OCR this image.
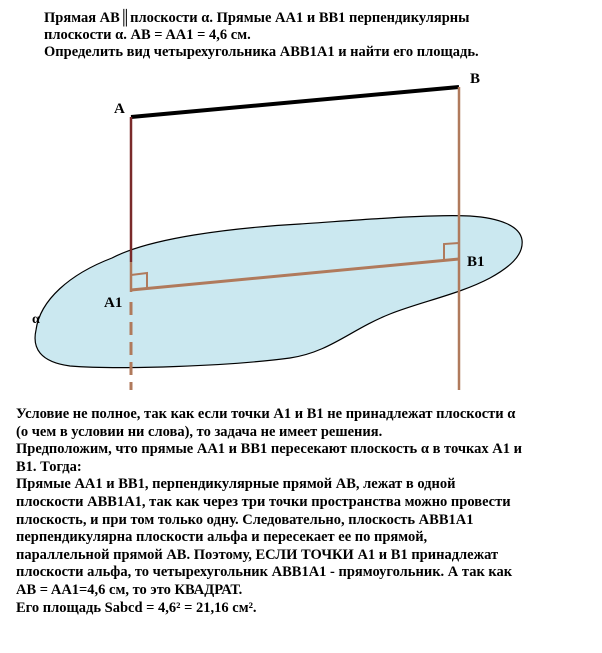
Прямая AB║плоскости α. Прямые AA1 и BB1 перпендикулярны
плоскости α. AB = AA1 = 4,6 см.
Определить вид четырехугольника ABB1A1 и найти его площадь.
A
B
A1
B1
α
Условие не полное, так как если точки A1 и B1 не принадлежат плоскости α
(о чем в условии ни слова), то задача не имеет решения.
Предположим, что прямые AA1 и BB1 пересекают плоскость α в точках A1 и
B1. Тогда:
Прямые AA1 и BB1, перпендикулярные прямой AB, лежат в одной
плоскости ABB1A1, так как через три точки пространства можно провести
плоскость, и при том только одну. Следовательно, плоскость ABB1A1
перпендикулярна плоскости альфа и пересекает ее по прямой,
параллельной прямой AB. Поэтому, ЕСЛИ ТОЧКИ A1 и B1 принадлежат
плоскости альфа, то четырехугольник ABB1A1 - прямоугольник. А так как
AB = AA1=4,6 см, то это КВАДРАТ.
Его площадь Sabcd = 4,6² = 21,16 см².
